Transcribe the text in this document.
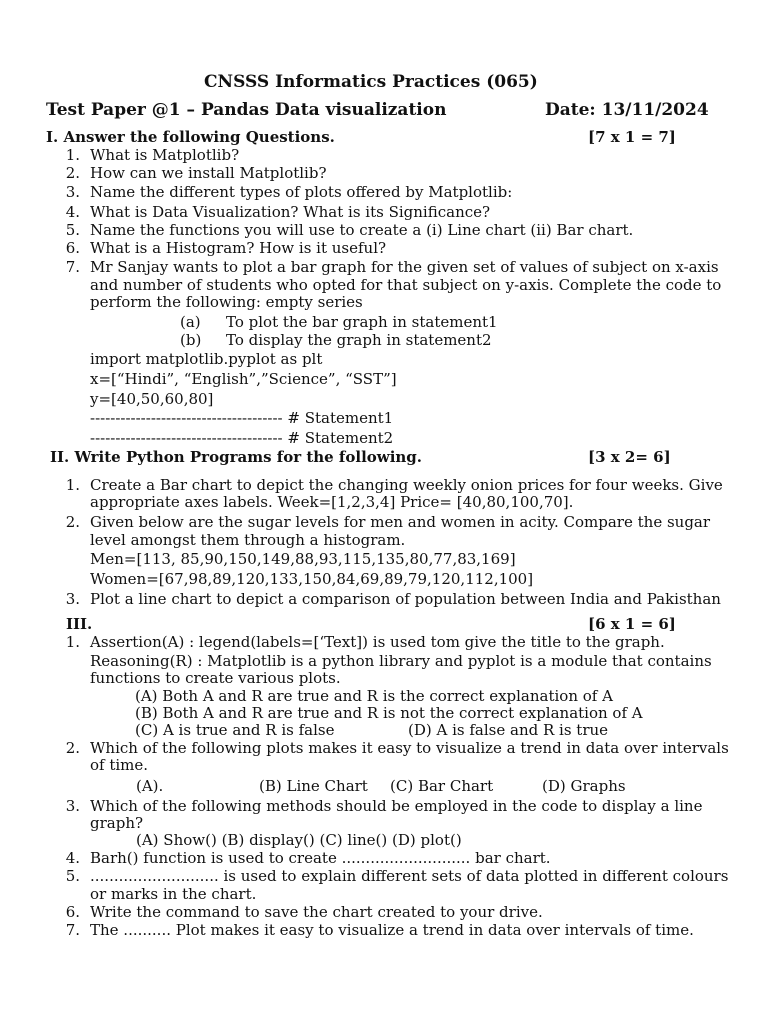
CNSSS Informatics Practices (065)
Test Paper @1 – Pandas Data visualization	Date: 13/11/2024
I. Answer the following Questions.	[7 x 1 = 7]
1. What is Matplotlib?
2. How can we install Matplotlib?
3. Name the different types of plots offered by Matplotlib:
4. What is Data Visualization? What is its Significance?
5. Name the functions you will use to create a (i) Line chart (ii) Bar chart.
6. What is a Histogram? How is it useful?
7. Mr Sanjay wants to plot a bar graph for the given set of values of subject on x-axis
and number of students who opted for that subject on y-axis. Complete the code to
perform the following: empty series
(a) To plot the bar graph in statement1
(b) To display the graph in statement2
import matplotlib.pyplot as plt
x=[“Hindi”, “English”,”Science”, “SST”]
y=[40,50,60,80]
-------------------------------------- # Statement1
-------------------------------------- # Statement2
II. Write Python Programs for the following.	[3 x 2= 6]
1. Create a Bar chart to depict the changing weekly onion prices for four weeks. Give
appropriate axes labels. Week=[1,2,3,4] Price= [40,80,100,70].
2. Given below are the sugar levels for men and women in acity. Compare the sugar
level amongst them through a histogram.
Men=[113, 85,90,150,149,88,93,115,135,80,77,83,169]
Women=[67,98,89,120,133,150,84,69,89,79,120,112,100]
3. Plot a line chart to depict a comparison of population between India and Pakisthan
III.	[6 x 1 = 6]
1. Assertion(A) : legend(labels=[‘Text]) is used tom give the title to the graph.
Reasoning(R) : Matplotlib is a python library and pyplot is a module that contains
functions to create various plots.
(A) Both A and R are true and R is the correct explanation of A
(B) Both A and R are true and R is not the correct explanation of A
(C) A is true and R is false	(D) A is false and R is true
2. Which of the following plots makes it easy to visualize a trend in data over intervals
of time.
(A).	(B) Line Chart (C) Bar Chart	(D) Graphs
3. Which of the following methods should be employed in the code to display a line
graph?
(A) Show() (B) display() (C) line() (D) plot()
4. Barh() function is used to create ........................... bar chart.
5. ........................... is used to explain different sets of data plotted in different colours
or marks in the chart.
6. Write the command to save the chart created to your drive.
7. The .......... Plot makes it easy to visualize a trend in data over intervals of time.
